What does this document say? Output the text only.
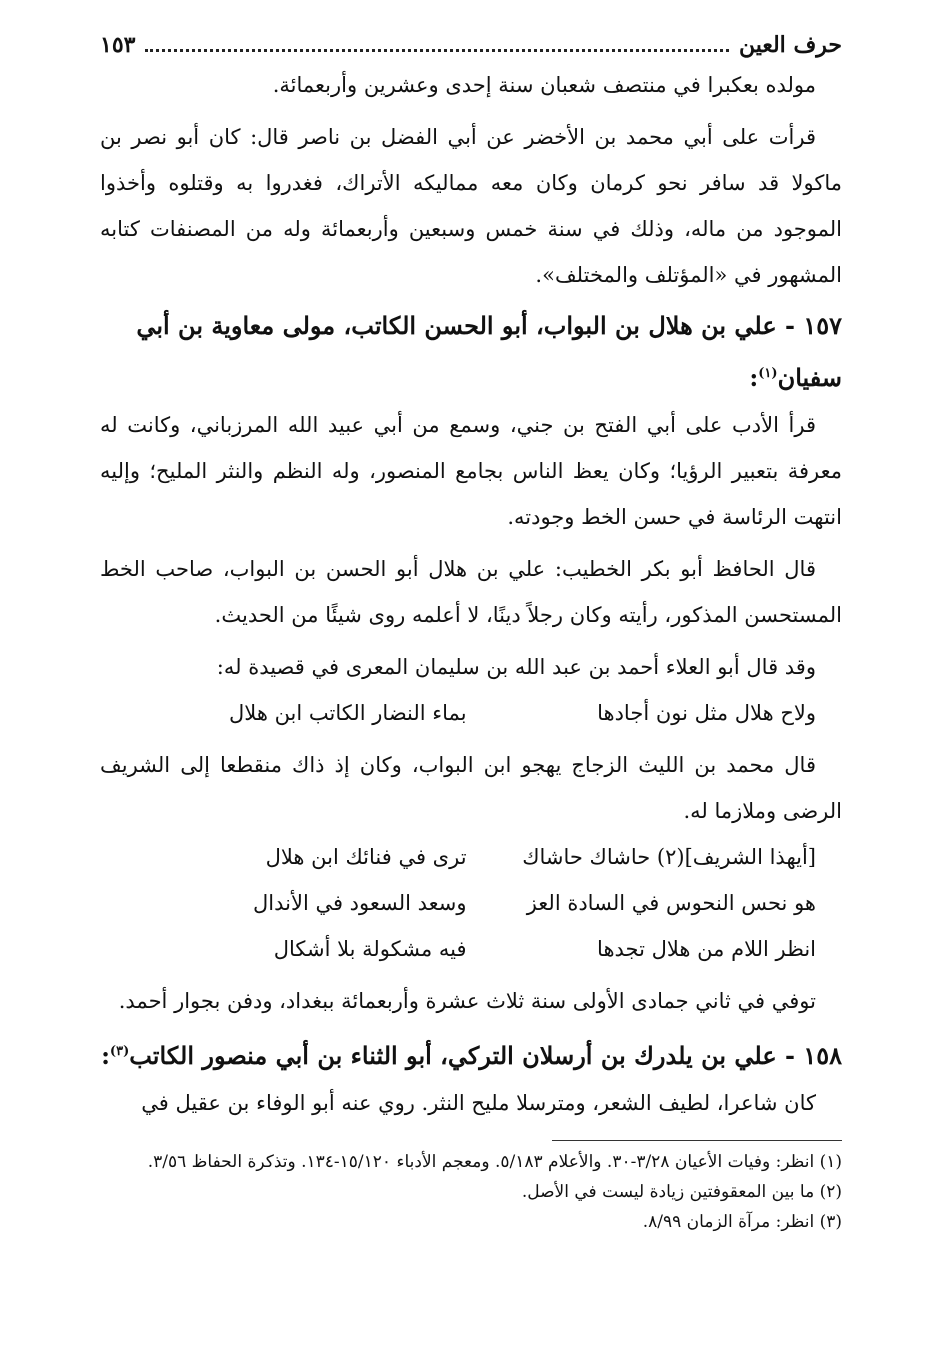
حرف العين
١٥٣

مولده بعكبرا في منتصف شعبان سنة إحدى وعشرين وأربعمائة.

قرأت على أبي محمد بن الأخضر عن أبي الفضل بن ناصر قال: كان أبو نصر بن ماكولا قد سافر نحو كرمان وكان معه مماليكه الأتراك، فغدروا به وقتلوه وأخذوا الموجود من ماله، وذلك في سنة خمس وسبعين وأربعمائة وله من المصنفات كتابه المشهور في «المؤتلف والمختلف».

١٥٧ - علي بن هلال بن البواب، أبو الحسن الكاتب، مولى معاوية بن أبي سفيان$^{(١)}$:

قرأ الأدب على أبي الفتح بن جني، وسمع من أبي عبيد الله المرزباني، وكانت له معرفة بتعبير الرؤيا؛ وكان يعظ الناس بجامع المنصور، وله النظم والنثر المليح؛ وإليه انتهت الرئاسة في حسن الخط وجودته.

قال الحافظ أبو بكر الخطيب: علي بن هلال أبو الحسن بن البواب، صاحب الخط المستحسن المذكور، رأيته وكان رجلاً دينًا، لا أعلمه روى شيئًا من الحديث.

وقد قال أبو العلاء أحمد بن عبد الله بن سليمان المعرى في قصيدة له:

ولاح هلال مثل نون أجادها
بماء النضار الكاتب ابن هلال

قال محمد بن الليث الزجاج يهجو ابن البواب، وكان إذ ذاك منقطعا إلى الشريف الرضى وملازما له.

[أيهذا الشريف](٢) حاشاك حاشاك
ترى في فنائك ابن هلال
هو نحس النحوس في السادة العز
وسعد السعود في الأندال
انظر اللام من هلال تجدها
فيه مشكولة بلا أشكال

توفي في ثاني جمادى الأولى سنة ثلاث عشرة وأربعمائة ببغداد، ودفن بجوار أحمد.

١٥٨ - علي بن يلدرك بن أرسلان التركي، أبو الثناء بن أبي منصور الكاتب$^{(٣)}$:

كان شاعرا، لطيف الشعر، ومترسلا مليح النثر. روي عنه أبو الوفاء بن عقيل في

(١) انظر: وفيات الأعيان ٣/٢٨-٣٠. والأعلام ٥/١٨٣. ومعجم الأدباء ١٥/١٢٠-١٣٤. وتذكرة الحفاظ ٣/٥٦.
(٢) ما بين المعقوفتين زيادة ليست في الأصل.
(٣) انظر: مرآة الزمان ٨/٩٩.
